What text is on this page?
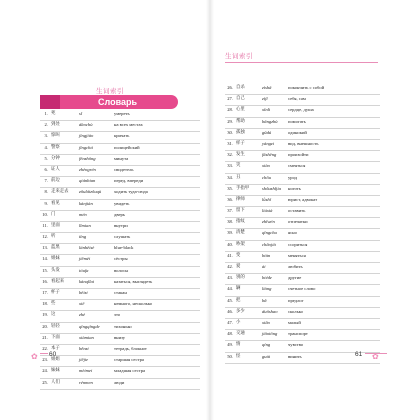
生词索引
Словарь
1. 死	sǐ	умереть
2. 到处	dàochù	на всех местах
3. 惊叫	jīngjiào	кричать
4. 警察	jǐngchá	полицейский
5. 分钟	fēnzhōng	минута
6. 证人	zhèngrén	свидетель
7. 前边	qiánbian	перед, впереди
8. 走来走去	zǒuláizǒuqù	ходить туда-сюда
9. 看见	kànjiàn	увидеть
10. 门	mén	дверь
11. 里面	lǐmian	внутри
12. 听	tīng	слушать
13. 蓝黑	lánhēisè	blue-black
14. 姐妹	jiěmèi	сёстры
15. 头发	tóufa	волосы
16. 看起来	kànqǐlai	казаться, выглядеть
17. 杯子	bēizi	стакан
18. 些	xiē	немного, несколько
19. 这	zhè	это
20. 轻轻	qīngqīngde	тихонько
21. 下面	xiàmian	внизу
22. 本子	běnzi	тетрадь, блокнот
23. 姐姐	jiějie	старшая сестра
24. 妹妹	mèimei	младшая сестра
25. 人们	rénmen	люди
生词索引
26. 自杀	zìshā	покончить с собой
27. 自己	zìjǐ	себя, сам
28. 心里	xīnli	сердце, душа
29. 帮助	bāngzhù	помогать
30. 孤独	gūdú	одинокий
31. 样子	yàngzi	вид, внешность
32. 发生	fāshēng	произойти
33. 笑	xiào	смеяться
34. 丑	chǒu	урод
35. 手指甲	shǒuzhǐjia	ноготь
36. 律师	lǜshī	юрист, адвокат
37. 留下	liúxià	оставить
38. 指纹	zhǐwén	отпечатки
39. 清楚	qīngchu	ясно
40. 吵架	chǎojià	ссориться
41. 变	biàn	меняться
42. 爱	ài	любить
43. 别的	biéde	другие
44. 辆	liàng	счетное слово
45. 把	bǎ	предлог
46. 多少	duōshao	сколько
47. 小	xiǎo	малый
48. 交通	jiāotōng	транспорт
49. 情	qíng	чувство
50. 怪	guài	винить
✿ 60	✿
61
